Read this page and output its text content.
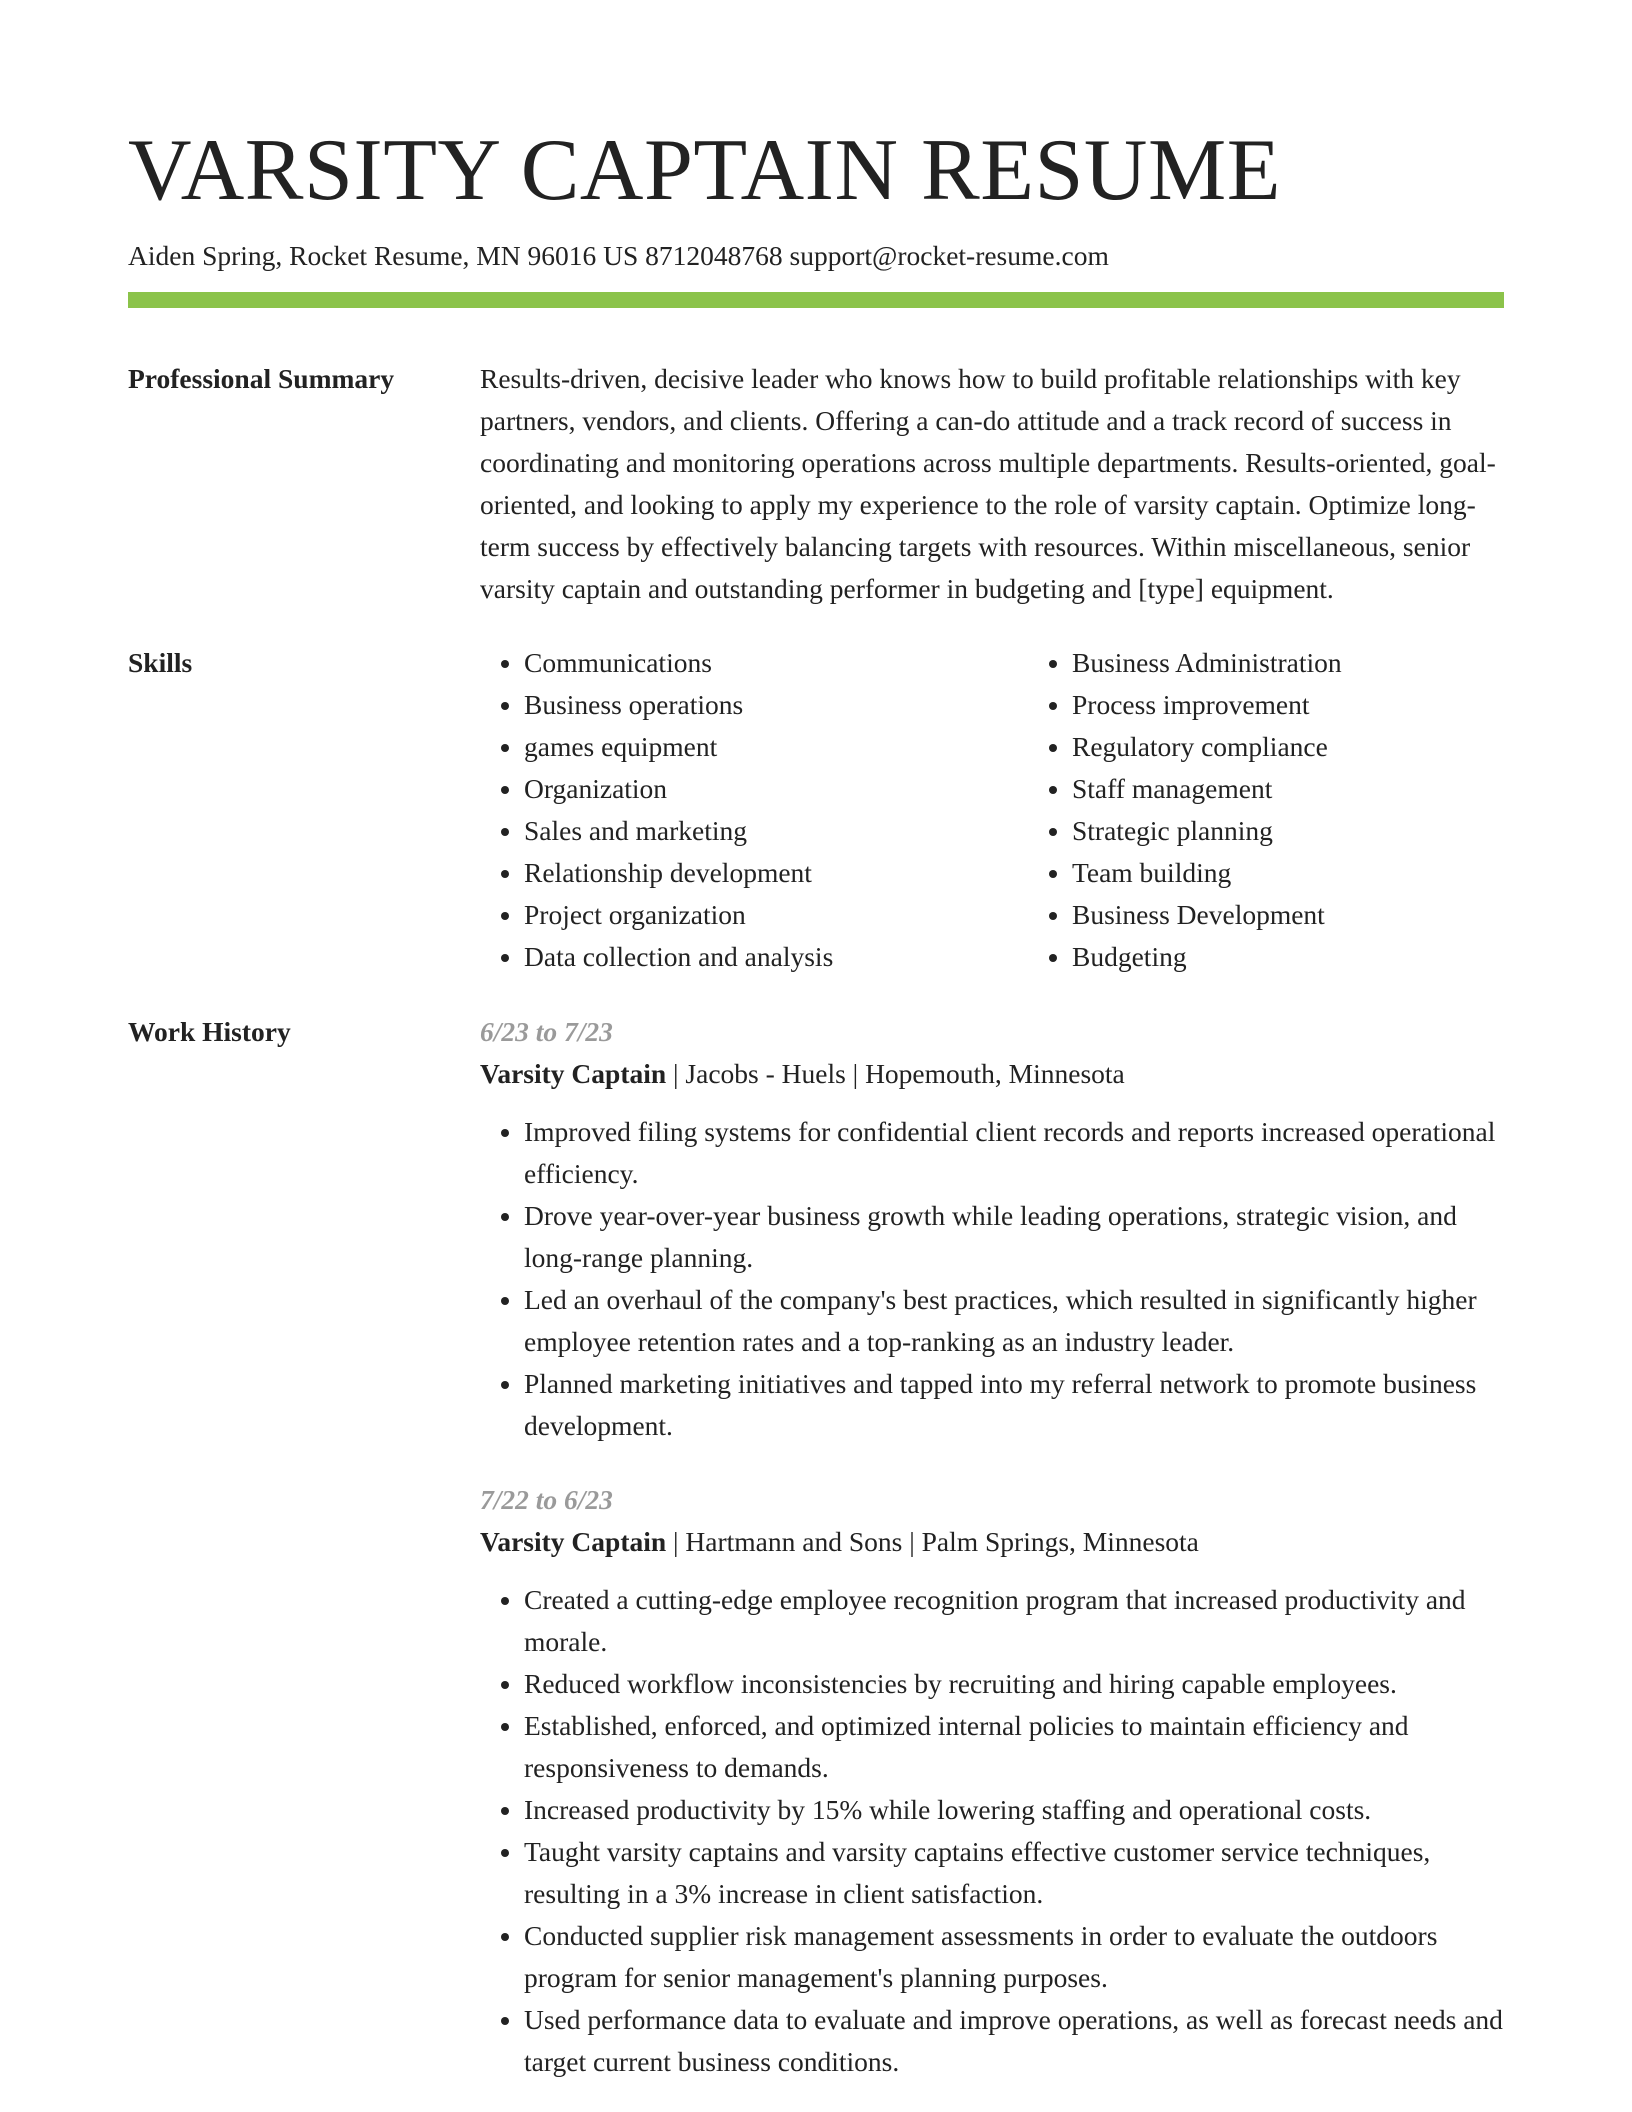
VARSITY CAPTAIN RESUME
Aiden Spring, Rocket Resume, MN 96016 US 8712048768 support@rocket-resume.com
Professional Summary	Results-driven, decisive leader who knows how to build profitable relationships with key partners, vendors, and clients. Offering a can-do attitude and a track record of success in coordinating and monitoring operations across multiple departments. Results-oriented, goal-oriented, and looking to apply my experience to the role of varsity captain. Optimize long-term success by effectively balancing targets with resources. Within miscellaneous, senior varsity captain and outstanding performer in budgeting and [type] equipment.
Skills
•	Communications
• Business operations
• games equipment
• Organization
• Sales and marketing
• Relationship development
• Project organization
• Data collection and analysis
• Business Administration
• Process improvement
• Regulatory compliance
• Staff management
• Strategic planning
• Team building
• Business Development
• Budgeting
Work History	6/23 to 7/23
Varsity Captain | Jacobs - Huels | Hopemouth, Minnesota
• Improved filing systems for confidential client records and reports increased operational efficiency.
• Drove year-over-year business growth while leading operations, strategic vision, and long-range planning.
• Led an overhaul of the company's best practices, which resulted in significantly higher employee retention rates and a top-ranking as an industry leader.
• Planned marketing initiatives and tapped into my referral network to promote business development.
7/22 to 6/23
Varsity Captain | Hartmann and Sons | Palm Springs, Minnesota
• Created a cutting-edge employee recognition program that increased productivity and morale.
• Reduced workflow inconsistencies by recruiting and hiring capable employees.
• Established, enforced, and optimized internal policies to maintain efficiency and responsiveness to demands.
• Increased productivity by 15% while lowering staffing and operational costs.
• Taught varsity captains and varsity captains effective customer service techniques, resulting in a 3% increase in client satisfaction.
• Conducted supplier risk management assessments in order to evaluate the outdoors program for senior management's planning purposes.
• Used performance data to evaluate and improve operations, as well as forecast needs and target current business conditions.
